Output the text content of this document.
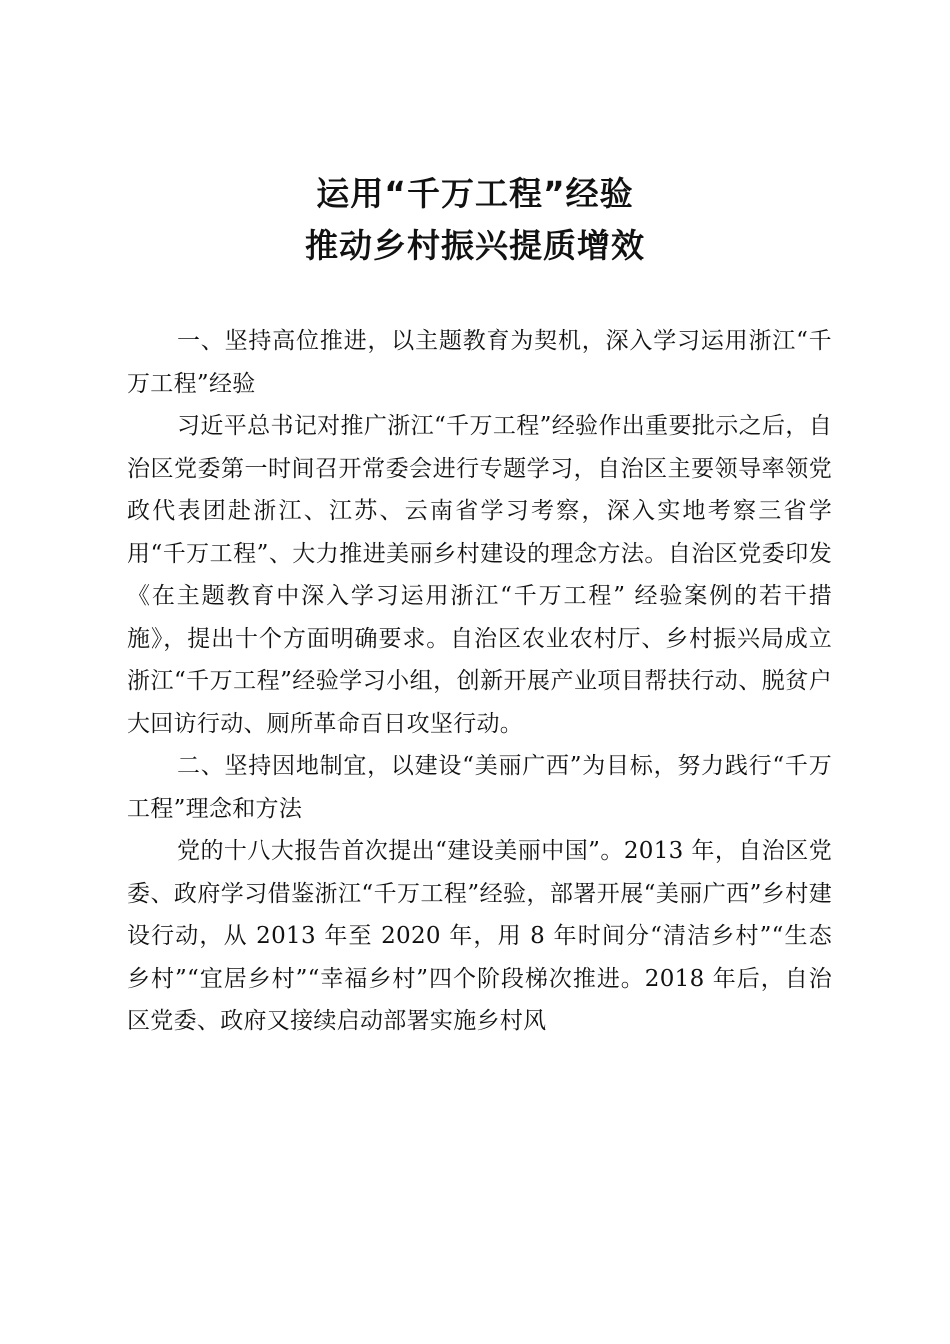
运用“千万工程”经验
推动乡村振兴提质增效

一、坚持高位推进，以主题教育为契机，深入学习运用浙江“千万工程”经验

习近平总书记对推广浙江“千万工程”经验作出重要批示之后，自治区党委第一时间召开常委会进行专题学习，自治区主要领导率领党政代表团赴浙江、江苏、云南省学习考察，深入实地考察三省学用“千万工程”、大力推进美丽乡村建设的理念方法。自治区党委印发《在主题教育中深入学习运用浙江“千万工程” 经验案例的若干措施》，提出十个方面明确要求。自治区农业农村厅、乡村振兴局成立浙江“千万工程”经验学习小组，创新开展产业项目帮扶行动、脱贫户大回访行动、厕所革命百日攻坚行动。

二、坚持因地制宜，以建设“美丽广西”为目标，努力践行“千万工程”理念和方法

党的十八大报告首次提出“建设美丽中国”。2013 年，自治区党委、政府学习借鉴浙江“千万工程”经验，部署开展“美丽广西”乡村建设行动，从 2013 年至 2020 年，用 8 年时间分“清洁乡村”“生态乡村”“宜居乡村”“幸福乡村”四个阶段梯次推进。2018 年后，自治区党委、政府又接续启动部署实施乡村风
